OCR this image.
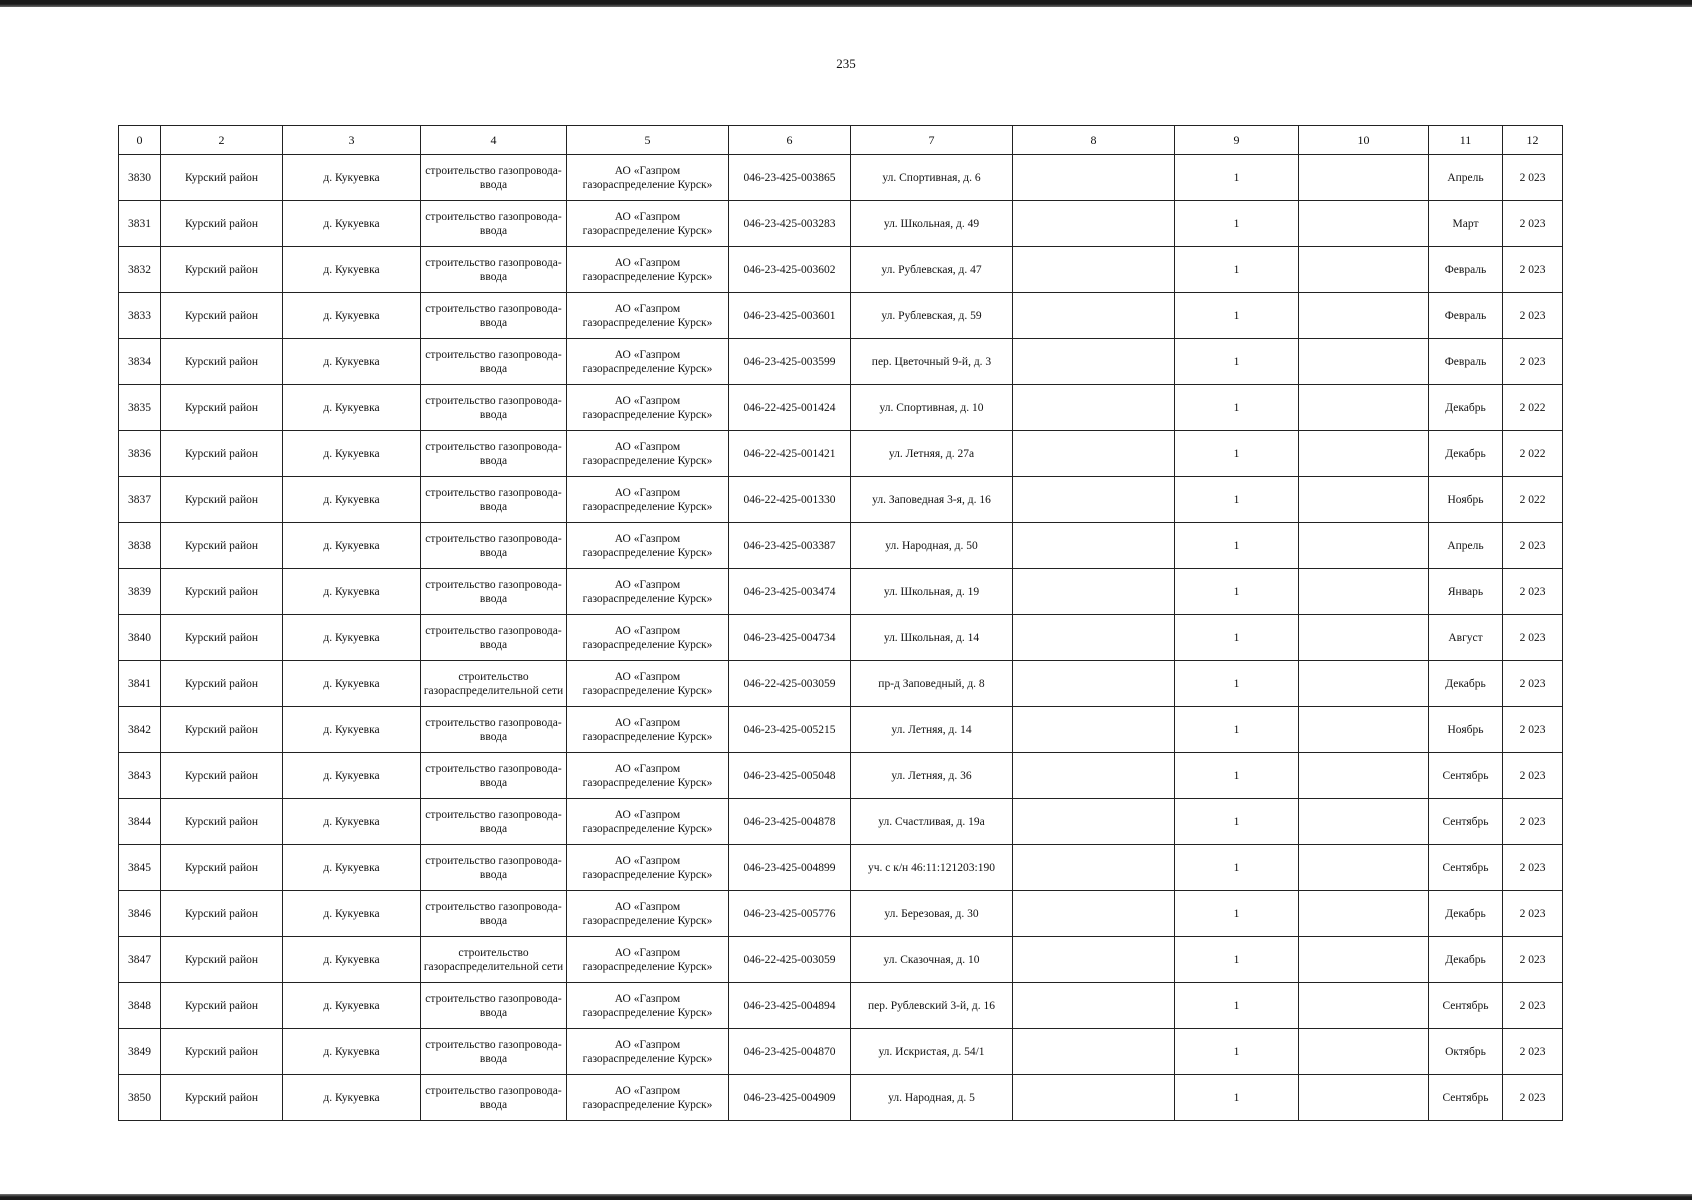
235
0	2	3	4	5	6	7	8	9	10	11	12
3830	Курский район	д. Кукуевка	строительство газопровода-ввода	АО «Газпром газораспределение Курск»	046-23-425-003865	ул. Спортивная, д. 6		1		Апрель	2 023
3831	Курский район	д. Кукуевка	строительство газопровода-ввода	АО «Газпром газораспределение Курск»	046-23-425-003283	ул. Школьная, д. 49		1		Март	2 023
3832	Курский район	д. Кукуевка	строительство газопровода-ввода	АО «Газпром газораспределение Курск»	046-23-425-003602	ул. Рублевская, д. 47		1		Февраль	2 023
3833	Курский район	д. Кукуевка	строительство газопровода-ввода	АО «Газпром газораспределение Курск»	046-23-425-003601	ул. Рублевская, д. 59		1		Февраль	2 023
3834	Курский район	д. Кукуевка	строительство газопровода-ввода	АО «Газпром газораспределение Курск»	046-23-425-003599	пер. Цветочный 9-й, д. 3		1		Февраль	2 023
3835	Курский район	д. Кукуевка	строительство газопровода-ввода	АО «Газпром газораспределение Курск»	046-22-425-001424	ул. Спортивная, д. 10		1		Декабрь	2 022
3836	Курский район	д. Кукуевка	строительство газопровода-ввода	АО «Газпром газораспределение Курск»	046-22-425-001421	ул. Летняя, д. 27а		1		Декабрь	2 022
3837	Курский район	д. Кукуевка	строительство газопровода-ввода	АО «Газпром газораспределение Курск»	046-22-425-001330	ул. Заповедная 3-я, д. 16		1		Ноябрь	2 022
3838	Курский район	д. Кукуевка	строительство газопровода-ввода	АО «Газпром газораспределение Курск»	046-23-425-003387	ул. Народная, д. 50		1		Апрель	2 023
3839	Курский район	д. Кукуевка	строительство газопровода-ввода	АО «Газпром газораспределение Курск»	046-23-425-003474	ул. Школьная, д. 19		1		Январь	2 023
3840	Курский район	д. Кукуевка	строительство газопровода-ввода	АО «Газпром газораспределение Курск»	046-23-425-004734	ул. Школьная, д. 14		1		Август	2 023
3841	Курский район	д. Кукуевка	строительство газораспределительной сети	АО «Газпром газораспределение Курск»	046-22-425-003059	пр-д Заповедный, д. 8		1		Декабрь	2 023
3842	Курский район	д. Кукуевка	строительство газопровода-ввода	АО «Газпром газораспределение Курск»	046-23-425-005215	ул. Летняя, д. 14		1		Ноябрь	2 023
3843	Курский район	д. Кукуевка	строительство газопровода-ввода	АО «Газпром газораспределение Курск»	046-23-425-005048	ул. Летняя, д. 36		1		Сентябрь	2 023
3844	Курский район	д. Кукуевка	строительство газопровода-ввода	АО «Газпром газораспределение Курск»	046-23-425-004878	ул. Счастливая, д. 19а		1		Сентябрь	2 023
3845	Курский район	д. Кукуевка	строительство газопровода-ввода	АО «Газпром газораспределение Курск»	046-23-425-004899	уч. с к/н 46:11:121203:190		1		Сентябрь	2 023
3846	Курский район	д. Кукуевка	строительство газопровода-ввода	АО «Газпром газораспределение Курск»	046-23-425-005776	ул. Березовая, д. 30		1		Декабрь	2 023
3847	Курский район	д. Кукуевка	строительство газораспределительной сети	АО «Газпром газораспределение Курск»	046-22-425-003059	ул. Сказочная, д. 10		1		Декабрь	2 023
3848	Курский район	д. Кукуевка	строительство газопровода-ввода	АО «Газпром газораспределение Курск»	046-23-425-004894	пер. Рублевский 3-й, д. 16		1		Сентябрь	2 023
3849	Курский район	д. Кукуевка	строительство газопровода-ввода	АО «Газпром газораспределение Курск»	046-23-425-004870	ул. Искристая, д. 54/1		1		Октябрь	2 023
3850	Курский район	д. Кукуевка	строительство газопровода-ввода	АО «Газпром газораспределение Курск»	046-23-425-004909	ул. Народная, д. 5		1		Сентябрь	2 023
